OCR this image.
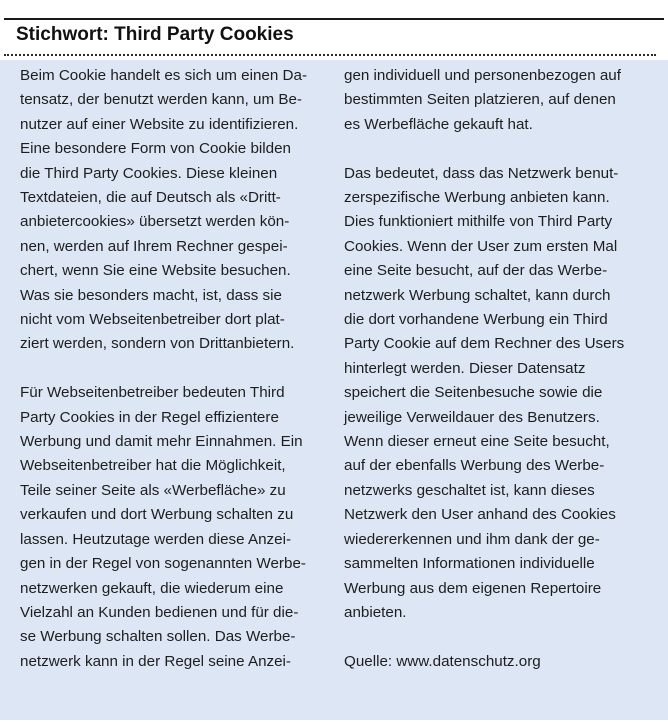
Stichwort: Third Party Cookies

Beim Cookie handelt es sich um einen Da-
tensatz, der benutzt werden kann, um Be-
nutzer auf einer Website zu identifizieren.
Eine besondere Form von Cookie bilden
die Third Party Cookies. Diese kleinen
Textdateien, die auf Deutsch als «Dritt-
anbietercookies» übersetzt werden kön-
nen, werden auf Ihrem Rechner gespei-
chert, wenn Sie eine Website besuchen.
Was sie besonders macht, ist, dass sie
nicht vom Webseitenbetreiber dort plat-
ziert werden, sondern von Drittanbietern.

Für Webseitenbetreiber bedeuten Third
Party Cookies in der Regel effizientere
Werbung und damit mehr Einnahmen. Ein
Webseitenbetreiber hat die Möglichkeit,
Teile seiner Seite als «Werbefläche» zu
verkaufen und dort Werbung schalten zu
lassen. Heutzutage werden diese Anzei-
gen in der Regel von sogenannten Werbe-
netzwerken gekauft, die wiederum eine
Vielzahl an Kunden bedienen und für die-
se Werbung schalten sollen. Das Werbe-
netzwerk kann in der Regel seine Anzei-

gen individuell und personenbezogen auf
bestimmten Seiten platzieren, auf denen
es Werbefläche gekauft hat.

Das bedeutet, dass das Netzwerk benut-
zerspezifische Werbung anbieten kann.
Dies funktioniert mithilfe von Third Party
Cookies. Wenn der User zum ersten Mal
eine Seite besucht, auf der das Werbe-
netzwerk Werbung schaltet, kann durch
die dort vorhandene Werbung ein Third
Party Cookie auf dem Rechner des Users
hinterlegt werden. Dieser Datensatz
speichert die Seitenbesuche sowie die
jeweilige Verweildauer des Benutzers.
Wenn dieser erneut eine Seite besucht,
auf der ebenfalls Werbung des Werbe-
netzwerks geschaltet ist, kann dieses
Netzwerk den User anhand des Cookies
wiedererkennen und ihm dank der ge-
sammelten Informationen individuelle
Werbung aus dem eigenen Repertoire
anbieten.

Quelle: www.datenschutz.org
